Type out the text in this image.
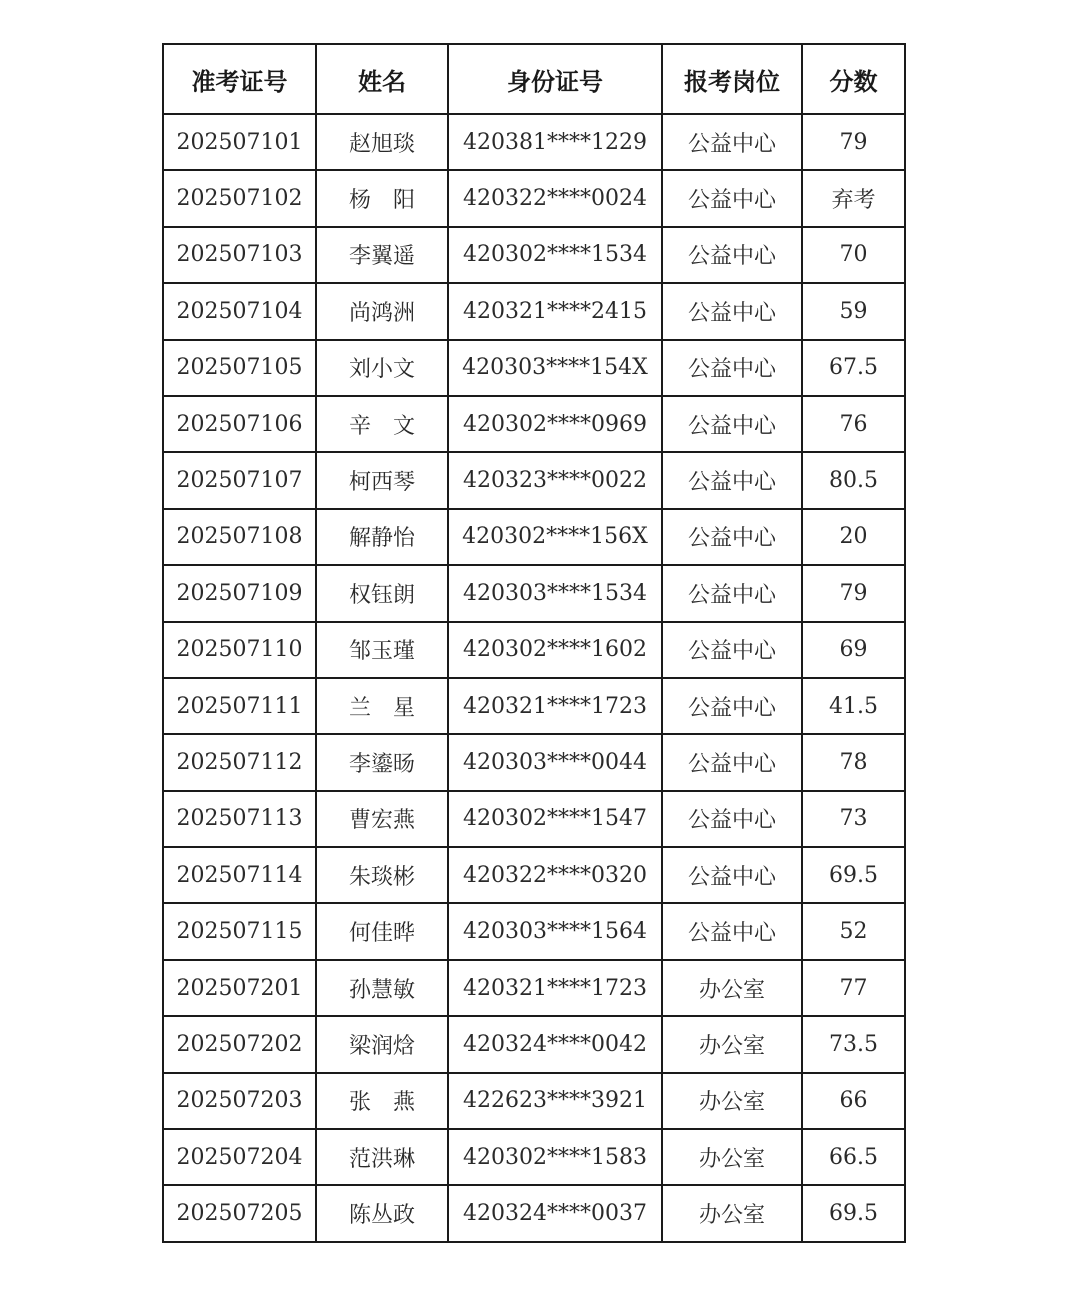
准考证号	姓名	身份证号	报考岗位	分数
202507101	赵旭琰	420381****1229	公益中心	79
202507102	杨　阳	420322****0024	公益中心	弃考
202507103	李翼遥	420302****1534	公益中心	70
202507104	尚鸿洲	420321****2415	公益中心	59
202507105	刘小文	420303****154X	公益中心	67.5
202507106	辛　文	420302****0969	公益中心	76
202507107	柯西琴	420323****0022	公益中心	80.5
202507108	解静怡	420302****156X	公益中心	20
202507109	权钰朗	420303****1534	公益中心	79
202507110	邹玉瑾	420302****1602	公益中心	69
202507111	兰　星	420321****1723	公益中心	41.5
202507112	李鎏旸	420303****0044	公益中心	78
202507113	曹宏燕	420302****1547	公益中心	73
202507114	朱琰彬	420322****0320	公益中心	69.5
202507115	何佳晔	420303****1564	公益中心	52
202507201	孙慧敏	420321****1723	办公室	77
202507202	梁润焓	420324****0042	办公室	73.5
202507203	张　燕	422623****3921	办公室	66
202507204	范洪琳	420302****1583	办公室	66.5
202507205	陈丛政	420324****0037	办公室	69.5
